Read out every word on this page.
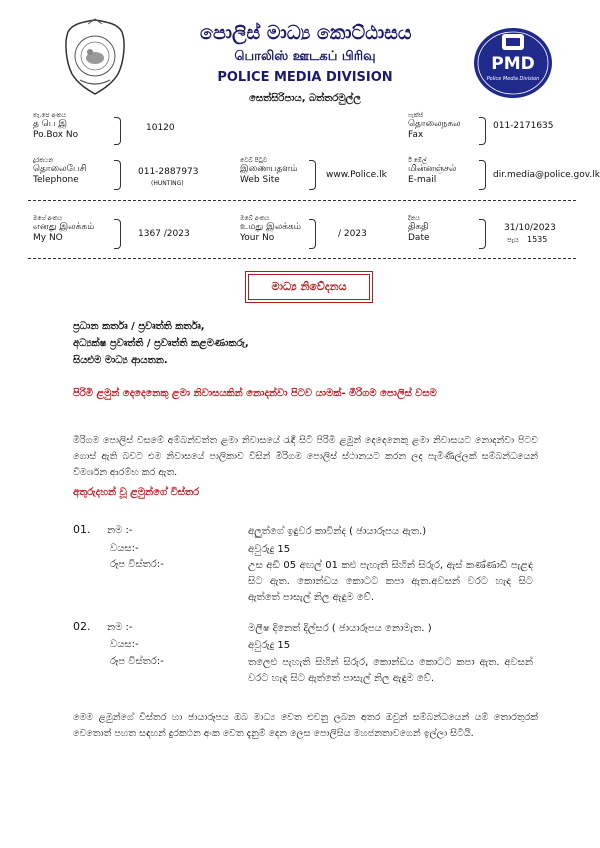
පොලිස් මාධ්‍ය කොට්ඨාසය
பொலிஸ் ஊடகப் பிரிவு
POLICE MEDIA DIVISION
සෙත්සිරිපාය, බත්තරමුල්ල
PMD
Police Media Division
තැ.පෙ අංකය
த பெ இ
Po.Box No
10120
ෆැක්ස්
தொலைநகல
Fax
011-2171635
දුරකථන
தொலைபேசி
Telephone
011-2887973
(HUNTING)
වෙබ් පිටුව
இணையதளம்
Web Site	www.Police.lk
ඊ මේල්
மின்னஞ்சல்
E-mail	dir.media@police.gov.lk
මගේ අංකය
எனது இலக்கம்
My NO	1367 /2023
ඔබේ අංකය
உமது இலக்கம்
Your No	/ 2023
දිනය
திகதி
Date
31/10/2023
පැය 1535
මාධ්‍ය නිවේදනය
ප්‍රධාන කර්තෘ / ප්‍රවෘත්ති කර්තෘ,
අධ්‍යක්ෂ ප්‍රවෘත්ති / ප්‍රවෘත්ති කළමණාකරු,
සියළුම මාධ්‍ය ආයතන.
පිරිමි ළමුන් දෙදෙනෙකු ළමා නිවාසයකින් නොදන්වා පිටව යාමක්- මීරිගම පොලිස් වසම
මීරිගම පොලිස් වසමේ අම්බන්වත්ත ළමා නිවාසයේ රැඳී සිටි පිරිමි ළමුන් දෙදෙනෙකු ළමා නිවාසයට නොදන්වා පිටව ගොස් ඇති බවට එම නිවාසයේ පාලිකාව විසින් මීරිගම පොලිස් ස්ථානයට කරන ලද පැමිණිල්ලක් සම්බන්ධයෙන් විමර්ශන ආරම්භ කර ඇත.
අතුරුදහන් වූ ළමුන්ගේ විස්තර
01. නම :-	අලුත්ගේ ඉඳුවර කාවින්ද ( ඡායාරූපය ඇත.)
වයස:-	අවුරුදු 15
රූප විස්තර:-	උස අඩි 05 අඟල් 01 කළු පැහැති සිහින් සිරුර, ඇස් කණ්ණාඩි පැළඳ සිට ඇත. කොන්ඩය කොටට කපා ඇත.අවසන් වරට හැඳ සිට ඇත්තේ පාසැල් නිල ඇඳුම වේ.
02. නම :-	මලීෂ දිනෙත් දිල්සර ( ඡායාරූපය නොමැත. )
වයස:-	අවුරුදු 15
රූප විස්තර:-	තලෙළු පැහැති සිහින් සිරුර, කොන්ඩය කොටට කපා ඇත. අවසන් වරට හැඳ සිට ඇත්තේ පාසැල් නිල ඇඳුම වේ.
මෙම ළමුන්ගේ විස්තර හා ඡායාරූපය ඔබ මාධ්‍ය වෙත එවනු ලබන අතර ඔවුන් සම්බන්ධයෙන් යම් තොරතුරක් වෙතොත් පහත සඳහන් දුරකථන අංක වෙත දැනුම් දෙන ලෙස පොලිසිය මහජනතාවගෙන් ඉල්ලා සිටියි.
